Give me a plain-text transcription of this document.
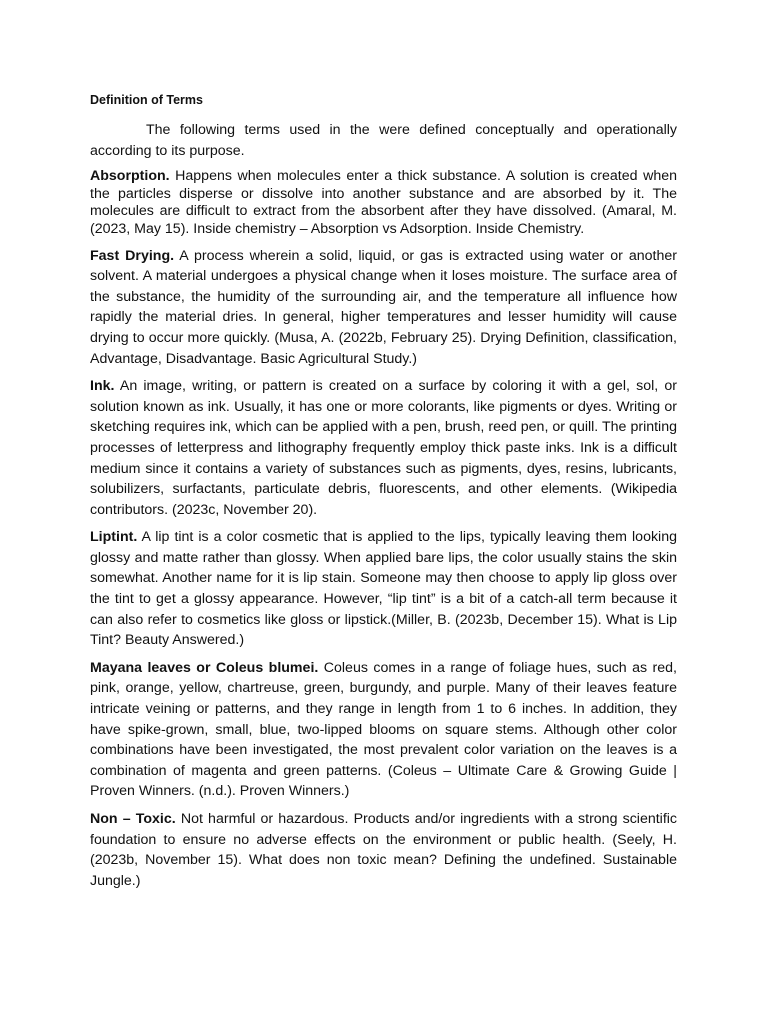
Definition of Terms

The following terms used in the were defined conceptually and operationally according to its purpose.

Absorption. Happens when molecules enter a thick substance. A solution is created when the particles disperse or dissolve into another substance and are absorbed by it. The molecules are difficult to extract from the absorbent after they have dissolved. (Amaral, M. (2023, May 15). Inside chemistry – Absorption vs Adsorption. Inside Chemistry.

Fast Drying. A process wherein a solid, liquid, or gas is extracted using water or another solvent. A material undergoes a physical change when it loses moisture. The surface area of the substance, the humidity of the surrounding air, and the temperature all influence how rapidly the material dries. In general, higher temperatures and lesser humidity will cause drying to occur more quickly. (Musa, A. (2022b, February 25). Drying Definition, classification, Advantage, Disadvantage. Basic Agricultural Study.)

Ink. An image, writing, or pattern is created on a surface by coloring it with a gel, sol, or solution known as ink. Usually, it has one or more colorants, like pigments or dyes. Writing or sketching requires ink, which can be applied with a pen, brush, reed pen, or quill. The printing processes of letterpress and lithography frequently employ thick paste inks. Ink is a difficult medium since it contains a variety of substances such as pigments, dyes, resins, lubricants, solubilizers, surfactants, particulate debris, fluorescents, and other elements. (Wikipedia contributors. (2023c, November 20).

Liptint. A lip tint is a color cosmetic that is applied to the lips, typically leaving them looking glossy and matte rather than glossy. When applied bare lips, the color usually stains the skin somewhat. Another name for it is lip stain. Someone may then choose to apply lip gloss over the tint to get a glossy appearance. However, “lip tint” is a bit of a catch-all term because it can also refer to cosmetics like gloss or lipstick.(Miller, B. (2023b, December 15). What is Lip Tint? Beauty Answered.)

Mayana leaves or Coleus blumei. Coleus comes in a range of foliage hues, such as red, pink, orange, yellow, chartreuse, green, burgundy, and purple. Many of their leaves feature intricate veining or patterns, and they range in length from 1 to 6 inches. In addition, they have spike-grown, small, blue, two-lipped blooms on square stems. Although other color combinations have been investigated, the most prevalent color variation on the leaves is a combination of magenta and green patterns. (Coleus – Ultimate Care & Growing Guide | Proven Winners. (n.d.). Proven Winners.)

Non – Toxic. Not harmful or hazardous. Products and/or ingredients with a strong scientific foundation to ensure no adverse effects on the environment or public health. (Seely, H. (2023b, November 15). What does non toxic mean? Defining the undefined. Sustainable Jungle.)
